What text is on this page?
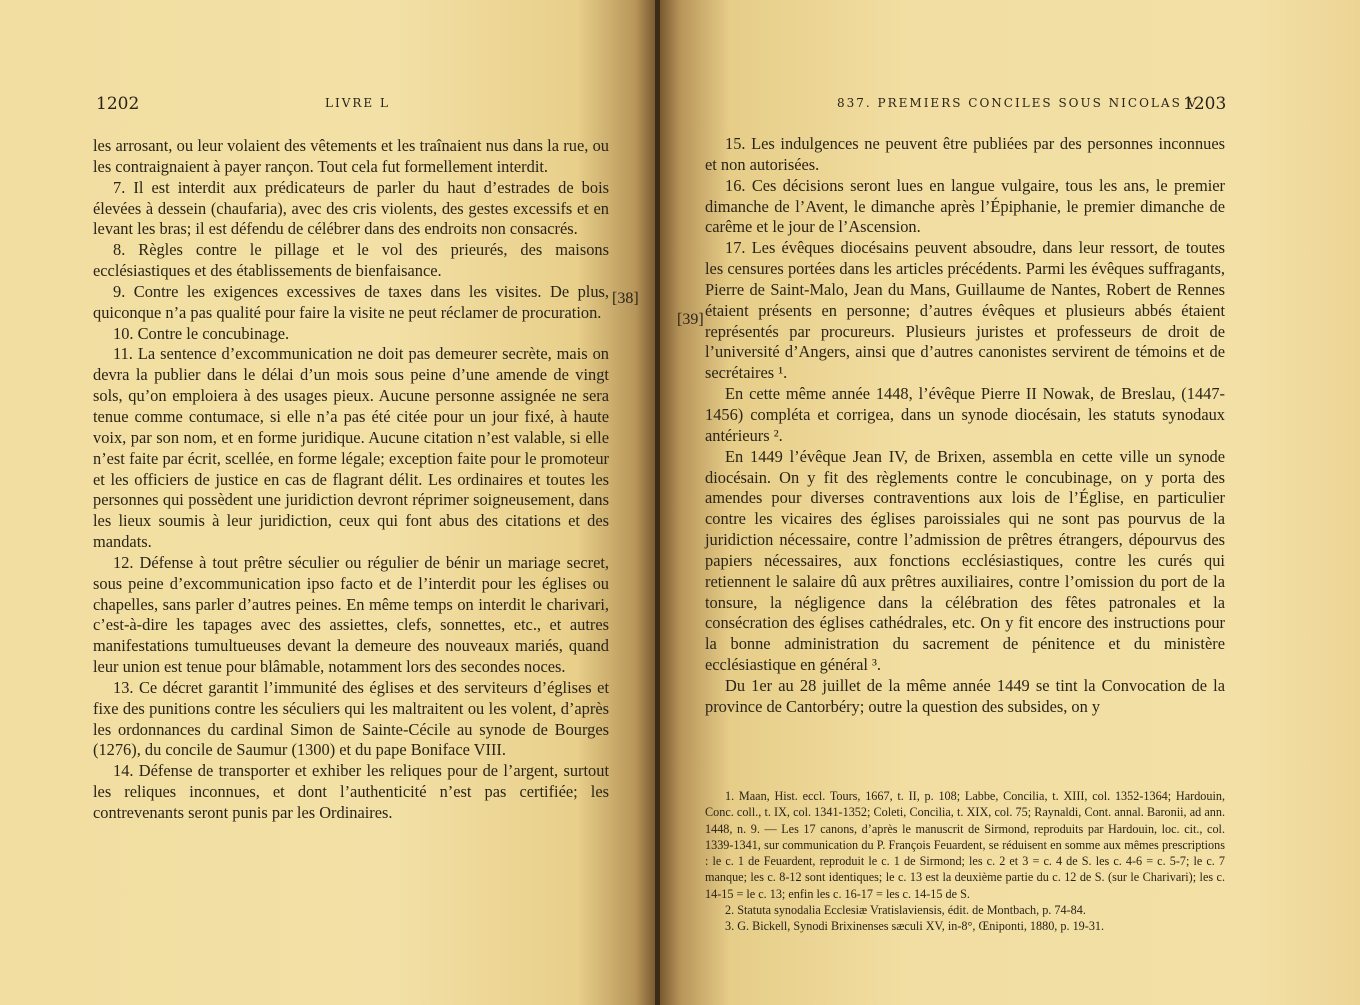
1202	LIVRE L
[38]

les arrosant, ou leur volaient des vêtements et les traînaient nus dans la rue, ou les contraignaient à payer rançon. Tout cela fut formellement interdit.

7. Il est interdit aux prédicateurs de parler du haut d’estrades de bois élevées à dessein (chaufaria), avec des cris violents, des gestes excessifs et en levant les bras; il est défendu de célébrer dans des endroits non consacrés.

8. Règles contre le pillage et le vol des prieurés, des maisons ecclésiastiques et des établissements de bienfaisance.

9. Contre les exigences excessives de taxes dans les visites. De plus, quiconque n’a pas qualité pour faire la visite ne peut réclamer de procuration.

10. Contre le concubinage.

11. La sentence d’excommunication ne doit pas demeurer secrète, mais on devra la publier dans le délai d’un mois sous peine d’une amende de vingt sols, qu’on emploiera à des usages pieux. Aucune personne assignée ne sera tenue comme contumace, si elle n’a pas été citée pour un jour fixé, à haute voix, par son nom, et en forme juridique. Aucune citation n’est valable, si elle n’est faite par écrit, scellée, en forme légale; exception faite pour le promoteur et les officiers de justice en cas de flagrant délit. Les ordinaires et toutes les personnes qui possèdent une juridiction devront réprimer soigneusement, dans les lieux soumis à leur juridiction, ceux qui font abus des citations et des mandats.

12. Défense à tout prêtre séculier ou régulier de bénir un mariage secret, sous peine d’excommunication ipso facto et de l’interdit pour les églises ou chapelles, sans parler d’autres peines. En même temps on interdit le charivari, c’est-à-dire les tapages avec des assiettes, clefs, sonnettes, etc., et autres manifestations tumultueuses devant la demeure des nouveaux mariés, quand leur union est tenue pour blâmable, notamment lors des secondes noces.

13. Ce décret garantit l’immunité des églises et des serviteurs d’églises et fixe des punitions contre les séculiers qui les maltraitent ou les volent, d’après les ordonnances du cardinal Simon de Sainte-Cécile au synode de Bourges (1276), du concile de Saumur (1300) et du pape Boniface VIII.

14. Défense de transporter et exhiber les reliques pour de l’argent, surtout les reliques inconnues, et dont l’authenticité n’est pas certifiée; les contrevenants seront punis par les Ordinaires.

837. PREMIERS CONCILES SOUS NICOLAS V
1203
[39]

15. Les indulgences ne peuvent être publiées par des personnes inconnues et non autorisées.

16. Ces décisions seront lues en langue vulgaire, tous les ans, le premier dimanche de l’Avent, le dimanche après l’Épiphanie, le premier dimanche de carême et le jour de l’Ascension.

17. Les évêques diocésains peuvent absoudre, dans leur ressort, de toutes les censures portées dans les articles précédents. Parmi les évêques suffragants, Pierre de Saint-Malo, Jean du Mans, Guillaume de Nantes, Robert de Rennes étaient présents en personne; d’autres évêques et plusieurs abbés étaient représentés par procureurs. Plusieurs juristes et professeurs de droit de l’université d’Angers, ainsi que d’autres canonistes servirent de témoins et de secrétaires ¹.

En cette même année 1448, l’évêque Pierre II Nowak, de Breslau, (1447-1456) compléta et corrigea, dans un synode diocésain, les statuts synodaux antérieurs ².

En 1449 l’évêque Jean IV, de Brixen, assembla en cette ville un synode diocésain. On y fit des règlements contre le concubinage, on y porta des amendes pour diverses contraventions aux lois de l’Église, en particulier contre les vicaires des églises paroissiales qui ne sont pas pourvus de la juridiction nécessaire, contre l’admission de prêtres étrangers, dépourvus des papiers nécessaires, aux fonctions ecclésiastiques, contre les curés qui retiennent le salaire dû aux prêtres auxiliaires, contre l’omission du port de la tonsure, la négligence dans la célébration des fêtes patronales et la consécration des églises cathédrales, etc. On y fit encore des instructions pour la bonne administration du sacrement de pénitence et du ministère ecclésiastique en général ³.

Du 1er au 28 juillet de la même année 1449 se tint la Convocation de la province de Cantorbéry; outre la question des subsides, on y

1. Maan, Hist. eccl. Tours, 1667, t. II, p. 108; Labbe, Concilia, t. XIII, col. 1352-1364; Hardouin, Conc. coll., t. IX, col. 1341-1352; Coleti, Concilia, t. XIX, col. 75; Raynaldi, Cont. annal. Baronii, ad ann. 1448, n. 9. — Les 17 canons, d’après le manuscrit de Sirmond, reproduits par Hardouin, loc. cit., col. 1339-1341, sur communication du P. François Feuardent, se réduisent en somme aux mêmes prescriptions : le c. 1 de Feuardent, reproduit le c. 1 de Sirmond; les c. 2 et 3 = c. 4 de S. les c. 4-6 = c. 5-7; le c. 7 manque; les c. 8-12 sont identiques; le c. 13 est la deuxième partie du c. 12 de S. (sur le Charivari); les c. 14-15 = le c. 13; enfin les c. 16-17 = les c. 14-15 de S.

2. Statuta synodalia Ecclesiæ Vratislaviensis, édit. de Montbach, p. 74-84.

3. G. Bickell, Synodi Brixinenses sæculi XV, in-8°, Œniponti, 1880, p. 19-31.
